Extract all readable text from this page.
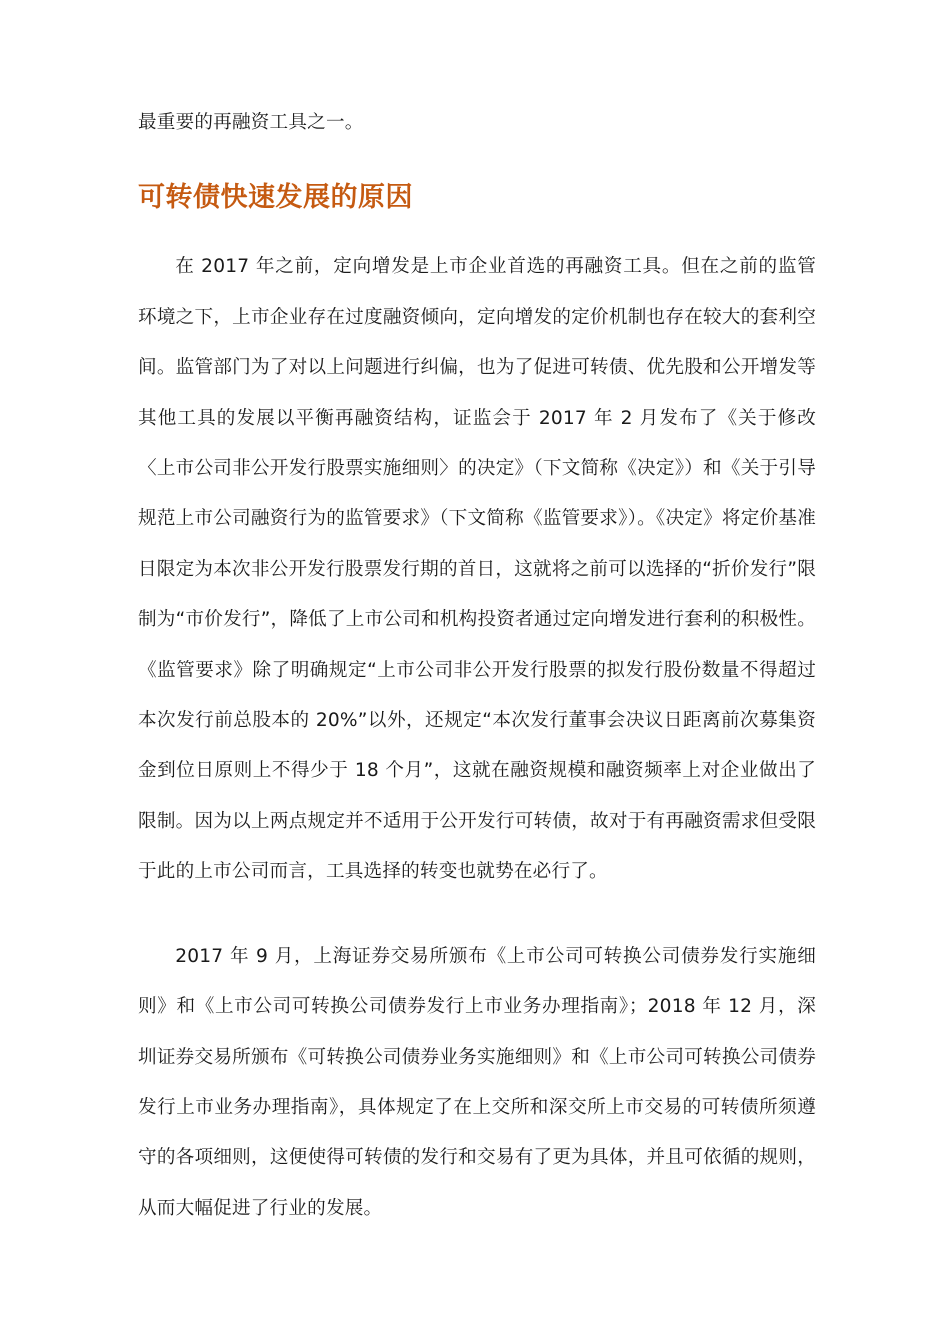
最重要的再融资工具之一。

可转债快速发展的原因

在 2017 年之前，定向增发是上市企业首选的再融资工具。但在之前的监管环境之下，上市企业存在过度融资倾向，定向增发的定价机制也存在较大的套利空间。监管部门为了对以上问题进行纠偏，也为了促进可转债、优先股和公开增发等其他工具的发展以平衡再融资结构，证监会于 2017 年 2 月发布了《关于修改〈上市公司非公开发行股票实施细则〉的决定》（下文简称《决定》）和《关于引导规范上市公司融资行为的监管要求》（下文简称《监管要求》）。《决定》将定价基准日限定为本次非公开发行股票发行期的首日，这就将之前可以选择的“折价发行”限制为“市价发行”，降低了上市公司和机构投资者通过定向增发进行套利的积极性。《监管要求》除了明确规定“上市公司非公开发行股票的拟发行股份数量不得超过本次发行前总股本的 20%”以外，还规定“本次发行董事会决议日距离前次募集资金到位日原则上不得少于 18 个月”，这就在融资规模和融资频率上对企业做出了限制。因为以上两点规定并不适用于公开发行可转债，故对于有再融资需求但受限于此的上市公司而言，工具选择的转变也就势在必行了。

2017 年 9 月，上海证券交易所颁布《上市公司可转换公司债券发行实施细则》和《上市公司可转换公司债券发行上市业务办理指南》；2018 年 12 月，深圳证券交易所颁布《可转换公司债券业务实施细则》和《上市公司可转换公司债券发行上市业务办理指南》，具体规定了在上交所和深交所上市交易的可转债所须遵守的各项细则，这便使得可转债的发行和交易有了更为具体，并且可依循的规则，从而大幅促进了行业的发展。
